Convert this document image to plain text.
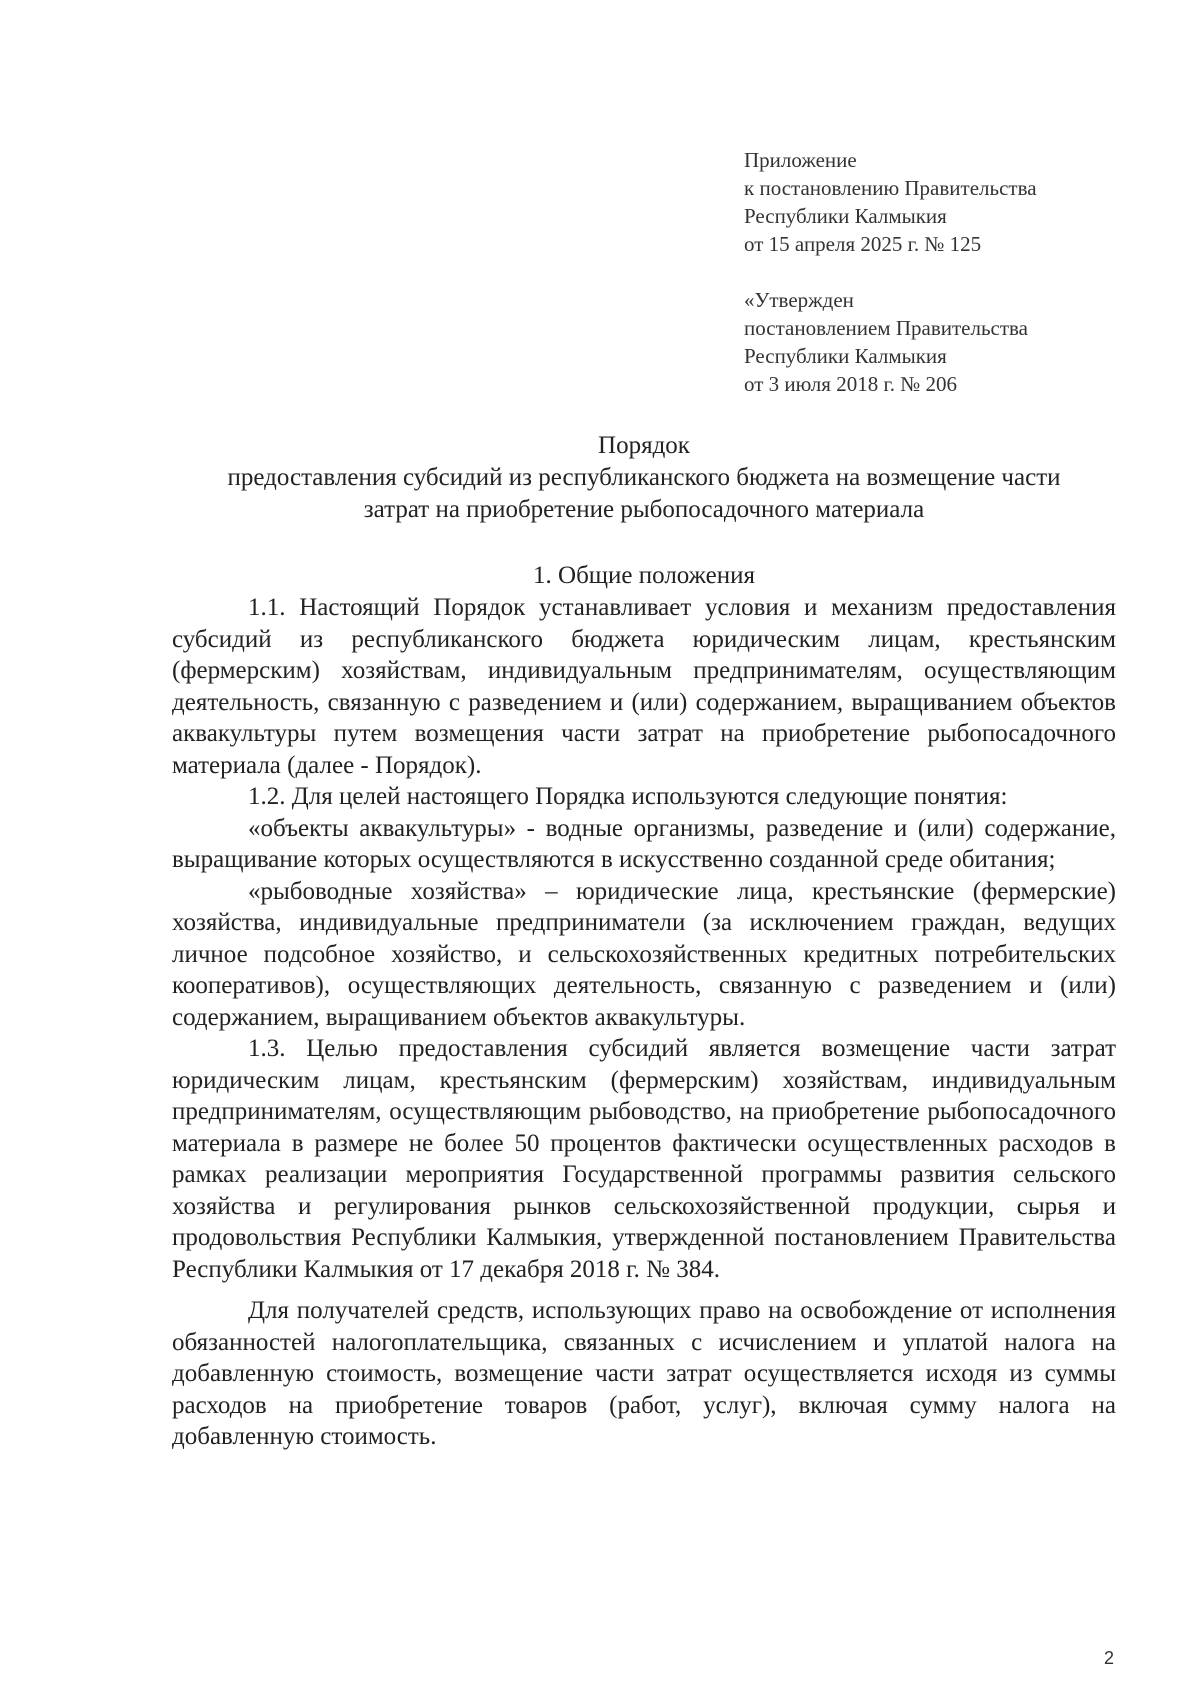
Приложение
к постановлению Правительства
Республики Калмыкия
от 15 апреля 2025 г. № 125
«Утвержден
постановлением Правительства
Республики Калмыкия
от 3 июля 2018 г. № 206
Порядок
предоставления субсидий из республиканского бюджета на возмещение части
затрат на приобретение рыбопосадочного материала
1. Общие положения

1.1. Настоящий Порядок устанавливает условия и механизм предоставления субсидий из республиканского бюджета юридическим лицам, крестьянским (фермерским) хозяйствам, индивидуальным предпринимателям, осуществляющим деятельность, связанную с разведением и (или) содержанием, выращиванием объектов аквакультуры путем возмещения части затрат на приобретение рыбопосадочного материала (далее - Порядок).

1.2. Для целей настоящего Порядка используются следующие понятия:

«объекты аквакультуры» - водные организмы, разведение и (или) содержание, выращивание которых осуществляются в искусственно созданной среде обитания;

«рыбоводные хозяйства» – юридические лица, крестьянские (фермерские) хозяйства, индивидуальные предприниматели (за исключением граждан, ведущих личное подсобное хозяйство, и сельскохозяйственных кредитных потребительских кооперативов), осуществляющих деятельность, связанную с разведением и (или) содержанием, выращиванием объектов аквакультуры.

1.3. Целью предоставления субсидий является возмещение части затрат юридическим лицам, крестьянским (фермерским) хозяйствам, индивидуальным предпринимателям, осуществляющим рыбоводство, на приобретение рыбопосадочного материала в размере не более 50 процентов фактически осуществленных расходов в рамках реализации мероприятия Государственной программы развития сельского хозяйства и регулирования рынков сельскохозяйственной продукции, сырья и продовольствия Республики Калмыкия, утвержденной постановлением Правительства Республики Калмыкия от 17 декабря 2018 г. № 384.

Для получателей средств, использующих право на освобождение от исполнения обязанностей налогоплательщика, связанных с исчислением и уплатой налога на добавленную стоимость, возмещение части затрат осуществляется исходя из суммы расходов на приобретение товаров (работ, услуг), включая сумму налога на добавленную стоимость.

2
